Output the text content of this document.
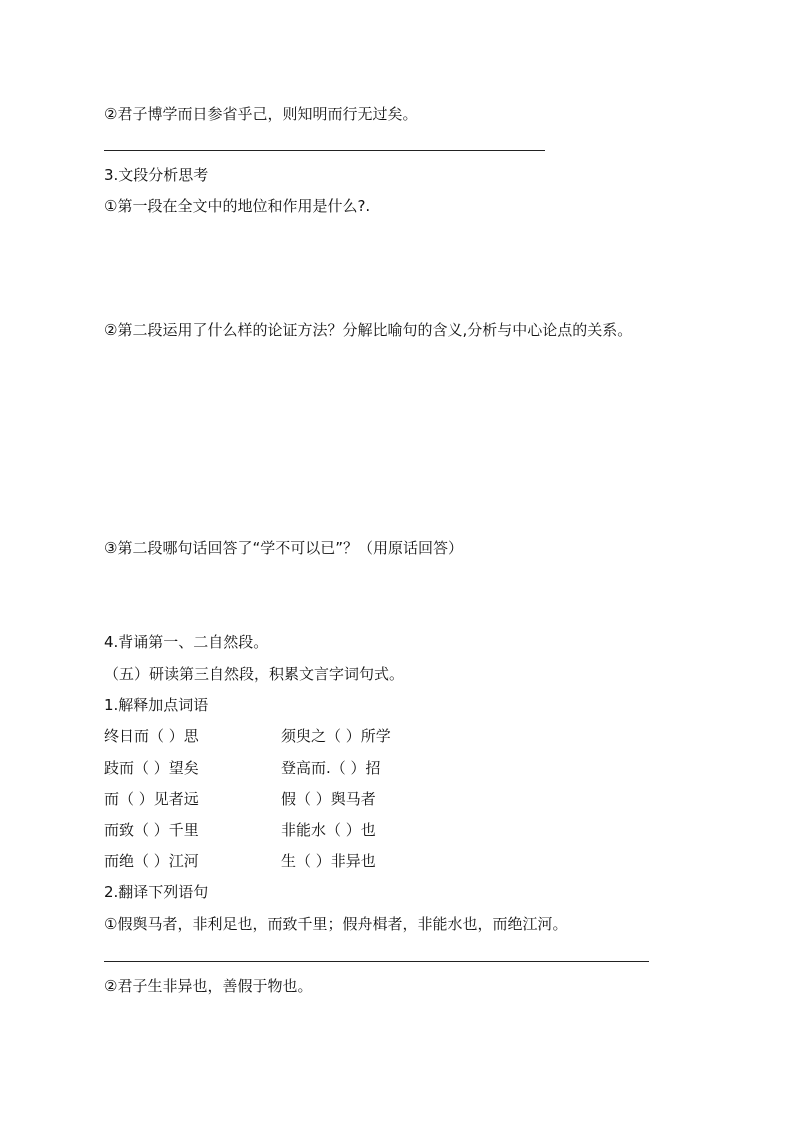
②君子博学而日参省乎己，则知明而行无过矣。
3.文段分析思考
①第一段在全文中的地位和作用是什么?.
②第二段运用了什么样的论证方法？分解比喻句的含义,分析与中心论点的关系。
③第二段哪句话回答了“学不可以已”？（用原话回答）
4.背诵第一、二自然段。
（五）研读第三自然段，积累文言字词句式。
1.解释加点词语
终日而（ ）思	须臾之（ ）所学
跂而（ ）望矣	登高而.（ ）招
而（ ）见者远	假（ ）舆马者
而致（ ）千里	非能水（ ）也
而绝（ ）江河	生（ ）非异也
2.翻译下列语句
①假舆马者，非利足也，而致千里；假舟楫者，非能水也，而绝江河。
②君子生非异也，善假于物也。
